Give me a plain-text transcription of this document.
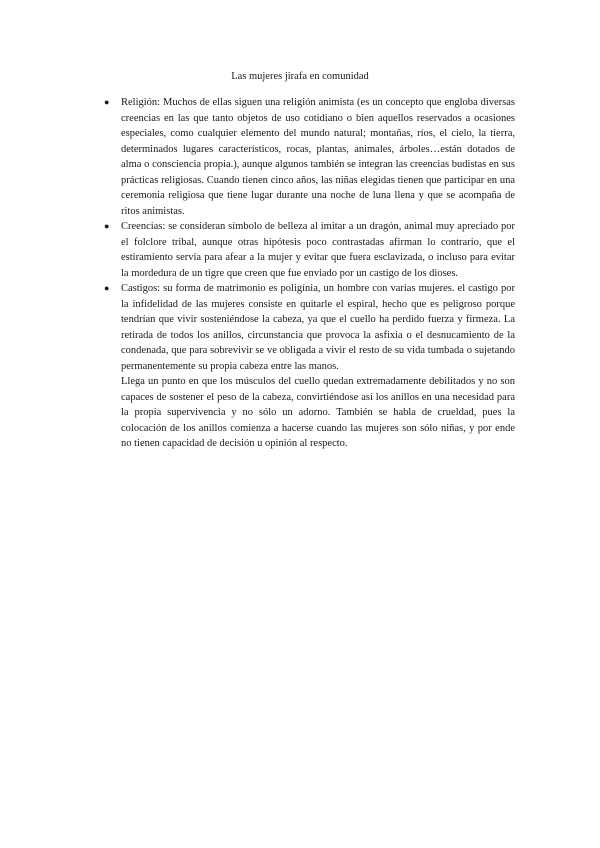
Las mujeres jirafa en comunidad
● Religión: Muchos de ellas siguen una religión animista (es un concepto que engloba diversas creencias en las que tanto objetos de uso cotidiano o bien aquellos reservados a ocasiones especiales, como cualquier elemento del mundo natural; montañas, ríos, el cielo, la tierra, determinados lugares característicos, rocas, plantas, animales, árboles…están dotados de alma o consciencia propia.), aunque algunos también se integran las creencias budistas en sus prácticas religiosas. Cuando tienen cinco años, las niñas elegidas tienen que participar en una ceremonia religiosa que tiene lugar durante una noche de luna llena y que se acompaña de ritos animistas.

● Creencias: se consideran símbolo de belleza al imitar a un dragón, animal muy apreciado por el folclore tribal, aunque otras hipótesis poco contrastadas afirman lo contrario, que el estiramiento servía para afear a la mujer y evitar que fuera esclavizada, o incluso para evitar la mordedura de un tigre que creen que fue enviado por un castigo de los dioses.

● Castigos: su forma de matrimonio es poligínia, un hombre con varias mujeres. el castigo por la infidelidad de las mujeres consiste en quitarle el espiral, hecho que es peligroso porque tendrían que vivir sosteniéndose la cabeza, ya que el cuello ha perdido fuerza y firmeza. La retirada de todos los anillos, circunstancia que provoca la asfixia o el desnucamiento de la condenada, que para sobrevivir se ve obligada a vivir el resto de su vida tumbada o sujetando permanentemente su propia cabeza entre las manos.

Llega un punto en que los músculos del cuello quedan extremadamente debilitados y no son capaces de sostener el peso de la cabeza, convirtiéndose así los anillos en una necesidad para la propia supervivencia y no sólo un adorno. También se habla de crueldad, pues la colocación de los anillos comienza a hacerse cuando las mujeres son sólo niñas, y por ende no tienen capacidad de decisión u opinión al respecto.
